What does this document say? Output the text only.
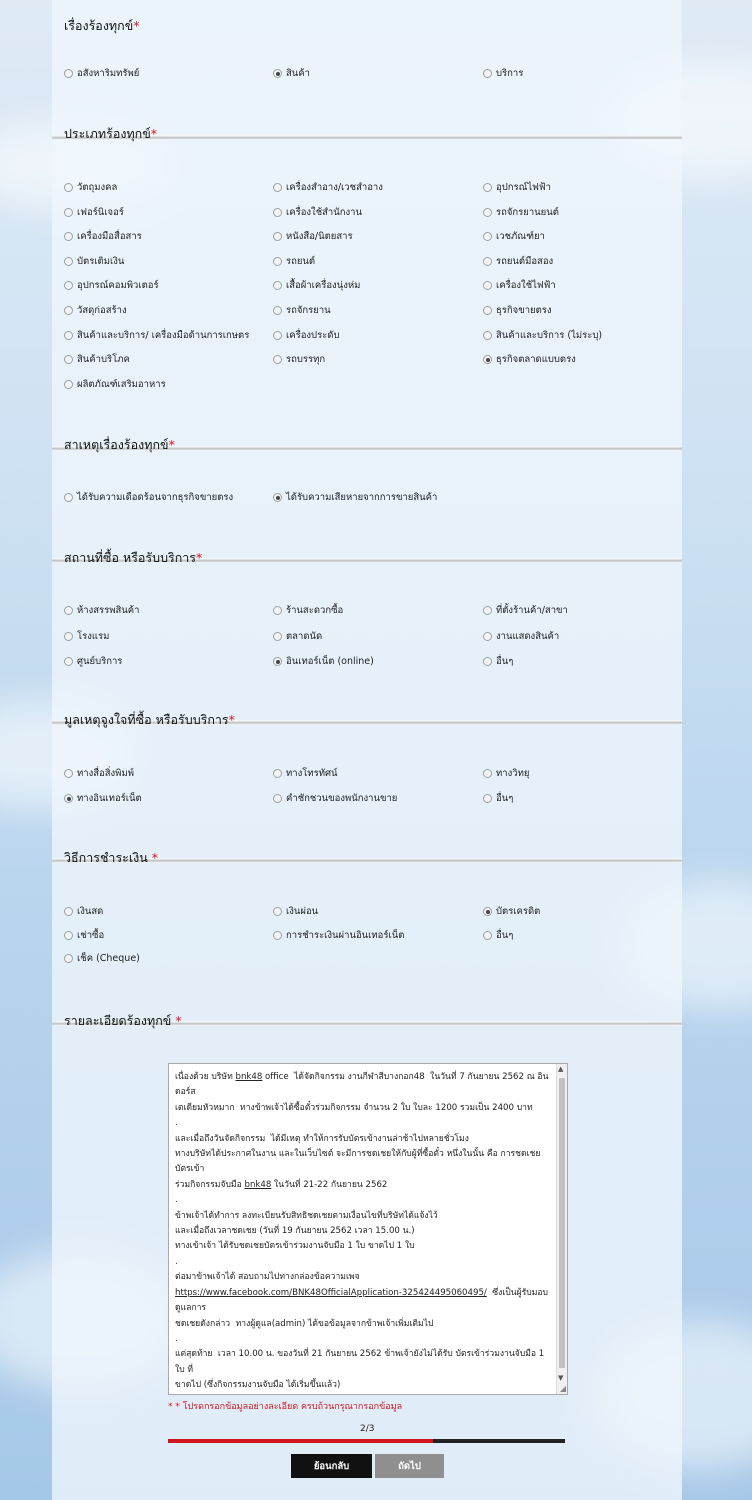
เรื่องร้องทุกข์*
อสังหาริมทรัพย์	สินค้า	บริการ
ประเภทร้องทุกข์*
วัตถุมงคล	เครื่องสำอาง/เวชสำอาง	อุปกรณ์ไฟฟ้า
เฟอร์นิเจอร์	เครื่องใช้สำนักงาน	รถจักรยานยนต์
เครื่องมือสื่อสาร	หนังสือ/นิตยสาร	เวชภัณฑ์ยา
บัตรเติมเงิน	รถยนต์	รถยนต์มือสอง
อุปกรณ์คอมพิวเตอร์	เสื้อผ้าเครื่องนุ่งห่ม	เครื่องใช้ไฟฟ้า
วัสดุก่อสร้าง	รถจักรยาน	ธุรกิจขายตรง
สินค้าและบริการ/ เครื่องมือด้านการเกษตร	เครื่องประดับ	สินค้าและบริการ (ไม่ระบุ)
สินค้าบริโภค	รถบรรทุก	ธุรกิจตลาดแบบตรง
ผลิตภัณฑ์เสริมอาหาร
สาเหตุเรื่องร้องทุกข์*
ได้รับความเดือดร้อนจากธุรกิจขายตรง	ได้รับความเสียหายจากการขายสินค้า
สถานที่ซื้อ หรือรับบริการ*
ห้างสรรพสินค้า	ร้านสะดวกซื้อ	ที่ตั้งร้านค้า/สาขา
โรงแรม	ตลาดนัด	งานแสดงสินค้า
ศูนย์บริการ	อินเทอร์เน็ต (online)	อื่นๆ
มูลเหตุจูงใจที่ซื้อ หรือรับบริการ*
ทางสื่อสิ่งพิมพ์	ทางโทรทัศน์	ทางวิทยุ
ทางอินเทอร์เน็ต	คำชักชวนของพนักงานขาย	อื่นๆ
วิธีการชำระเงิน *
เงินสด	เงินผ่อน	บัตรเครดิต
เช่าซื้อ	การชำระเงินผ่านอินเทอร์เน็ต	อื่นๆ
เช็ค (Cheque)
รายละเอียดร้องทุกข์ *
เนื่องด้วย บริษัท bnk48 office  ได้จัดกิจกรรม งานกีฬาสีบางกอก48  ในวันที่ 7 กันยายน 2562 ณ อินดอร์ส
เตเดียมหัวหมาก  ทางข้าพเจ้าได้ซื้อตั๋วร่วมกิจกรรม จำนวน 2 ใบ ใบละ 1200 รวมเป็น 2400 บาท
.
และเมื่อถึงวันจัดกิจกรรม  ได้มีเหตุ ทำให้การรับบัตรเข้างานล่าช้าไปหลายชั่วโมง
ทางบริษัทได้ประกาศในงาน และในเว็บไซต์ จะมีการชดเชยให้กับผู้ที่ซื้อตั๋ว หนึ่งในนั้น คือ การชดเชยบัตรเข้า
ร่วมกิจกรรมจับมือ bnk48 ในวันที่ 21-22 กันยายน 2562
.
ข้าพเจ้าได้ทำการ ลงทะเบียนรับสิทธิชดเชยตามเงื่อนไขที่บริษัทได้แจ้งไว้
และเมื่อถึงเวลาชดเชย (วันที่ 19 กันยายน 2562 เวลา 15.00 น.)
ทางเข้าเจ้า ได้รับชดเชยบัตรเข้าร่วมงานจับมือ 1 ใบ ขาดไป 1 ใบ
.
ต่อมาข้าพเจ้าได้ สอบถามไปทางกล่องข้อความเพจ
https://www.facebook.com/BNK48OfficialApplication-325424495060495/  ซึ่งเป็นผู้รับมอบดูแลการ
ชดเชยดังกล่าว  ทางผู้ดูแล(admin) ได้ขอข้อมูลจากข้าพเจ้าเพิ่มเติมไป
.
แต่สุดท้าย  เวลา 10.00 น. ของวันที่ 21 กันยายน 2562 ข้าพเจ้ายังไม่ได้รับ บัตรเข้าร่วมงานจับมือ 1 ใบ ที่
ขาดไป (ซึ่งกิจกรรมงานจับมือ ได้เริ่มขึ้นแล้ว)

▲
▼
◢
* * โปรดกรอกข้อมูลอย่างละเอียด ครบถ้วนกรุณากรอกข้อมูล
2/3
ย้อนกลับ	ถัดไป
